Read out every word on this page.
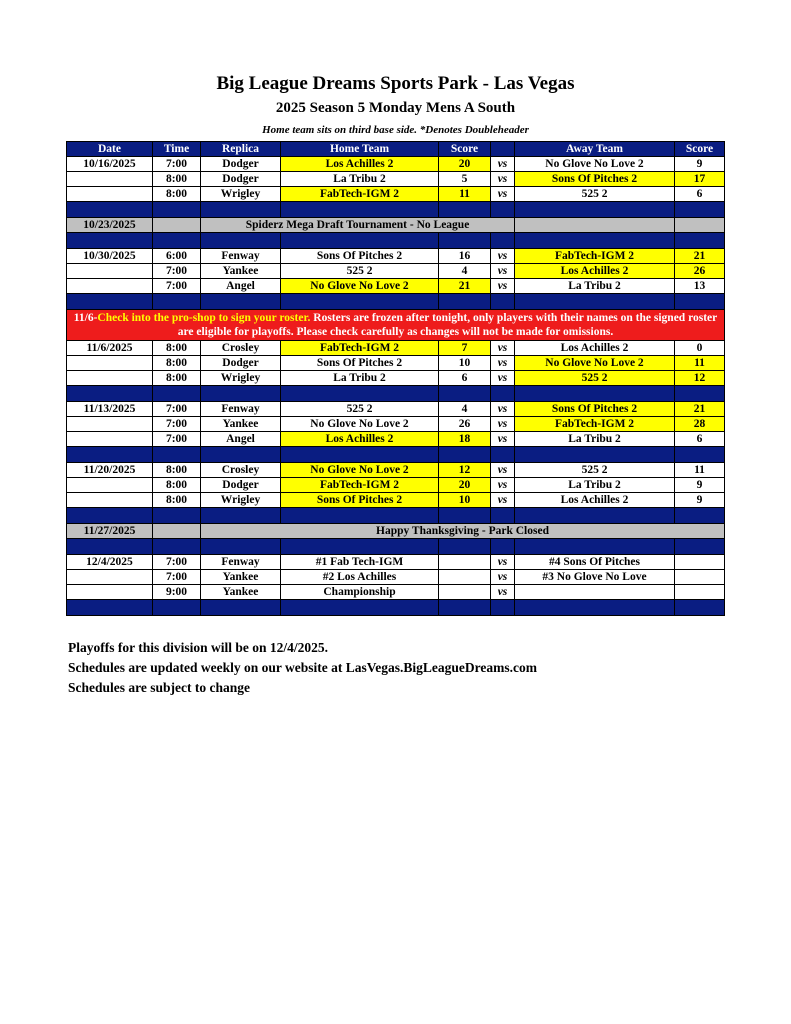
Big League Dreams Sports Park - Las Vegas
2025 Season 5 Monday Mens A South
Home team sits on third base side. *Denotes Doubleheader
Date	Time	Replica	Home Team	Score		Away Team	Score
10/16/2025	7:00	Dodger	Los Achilles 2	20	vs	No Glove No Love 2	9
	8:00	Dodger	La Tribu 2	5	vs	Sons Of Pitches 2	17
	8:00	Wrigley	FabTech-IGM 2	11	vs	525 2	6

10/23/2025		Spiderz Mega Draft Tournament - No League					

10/30/2025	6:00	Fenway	Sons Of Pitches 2	16	vs	FabTech-IGM 2	21
	7:00	Yankee	525 2	4	vs	Los Achilles 2	26
	7:00	Angel	No Glove No Love 2	21	vs	La Tribu 2	13

11/6-Check into the pro-shop to sign your roster. Rosters are frozen after tonight, only players with their names on the signed roster are eligible for playoffs. Please check carefully as changes will not be made for omissions.							
11/6/2025	8:00	Crosley	FabTech-IGM 2	7	vs	Los Achilles 2	0
	8:00	Dodger	Sons Of Pitches 2	10	vs	No Glove No Love 2	11
	8:00	Wrigley	La Tribu 2	6	vs	525 2	12

11/13/2025	7:00	Fenway	525 2	4	vs	Sons Of Pitches 2	21
	7:00	Yankee	No Glove No Love 2	26	vs	FabTech-IGM 2	28
	7:00	Angel	Los Achilles 2	18	vs	La Tribu 2	6

11/20/2025	8:00	Crosley	No Glove No Love 2	12	vs	525 2	11
	8:00	Dodger	FabTech-IGM 2	20	vs	La Tribu 2	9
	8:00	Wrigley	Sons Of Pitches 2	10	vs	Los Achilles 2	9

11/27/2025		Happy Thanksgiving - Park Closed					

12/4/2025	7:00	Fenway	#1 Fab Tech-IGM		vs	#4 Sons Of Pitches	
	7:00	Yankee	#2 Los Achilles		vs	#3 No Glove No Love	
	9:00	Yankee	Championship		vs		

Playoffs for this division will be on 12/4/2025.
Schedules are updated weekly on our website at LasVegas.BigLeagueDreams.com
Schedules are subject to change
